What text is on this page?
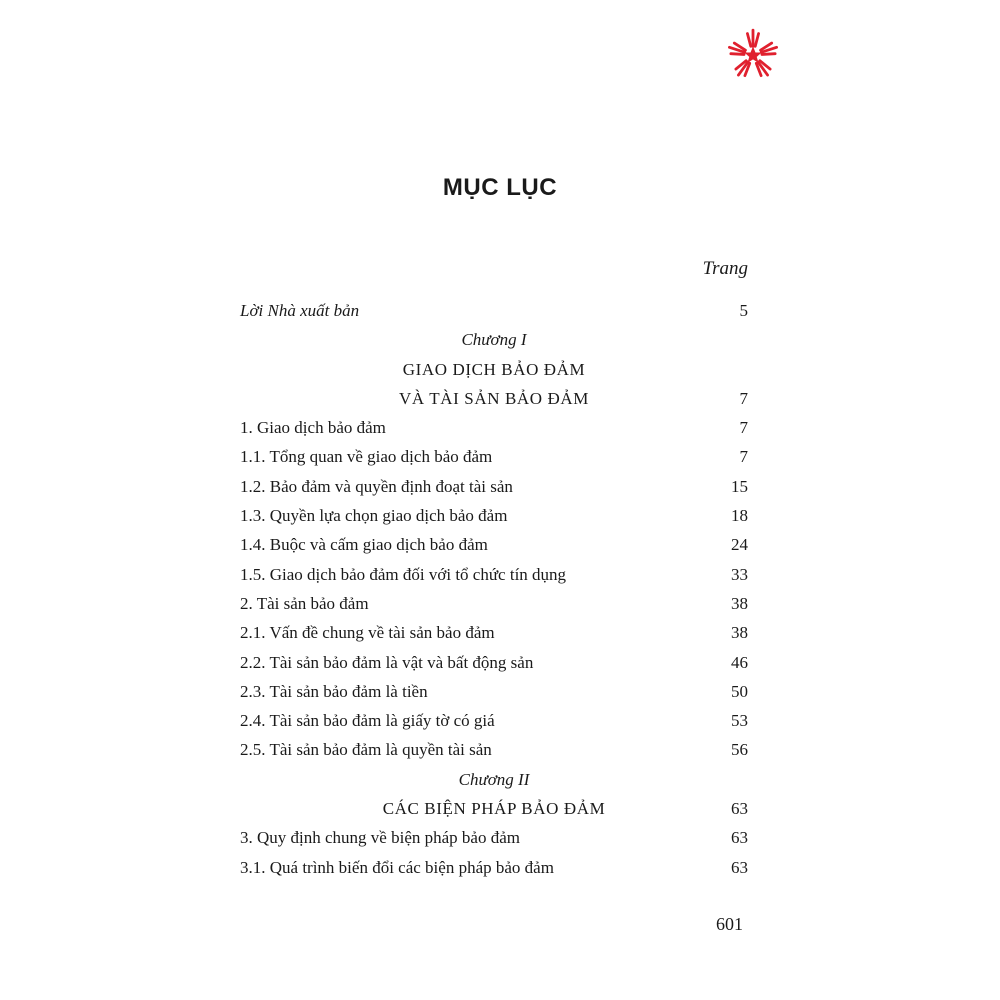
MỤC LỤC
Trang
Lời Nhà xuất bản	5
Chương I
GIAO DỊCH BẢO ĐẢM
VÀ TÀI SẢN BẢO ĐẢM	7
1. Giao dịch bảo đảm	7
1.1. Tổng quan về giao dịch bảo đảm	7
1.2. Bảo đảm và quyền định đoạt tài sản	15
1.3. Quyền lựa chọn giao dịch bảo đảm	18
1.4. Buộc và cấm giao dịch bảo đảm	24
1.5. Giao dịch bảo đảm đối với tổ chức tín dụng	33
2. Tài sản bảo đảm	38
2.1. Vấn đề chung về tài sản bảo đảm	38
2.2. Tài sản bảo đảm là vật và bất động sản	46
2.3. Tài sản bảo đảm là tiền	50
2.4. Tài sản bảo đảm là giấy tờ có giá	53
2.5. Tài sản bảo đảm là quyền tài sản	56
Chương II
CÁC BIỆN PHÁP BẢO ĐẢM	63
3. Quy định chung về biện pháp bảo đảm	63
3.1. Quá trình biến đổi các biện pháp bảo đảm	63
601
